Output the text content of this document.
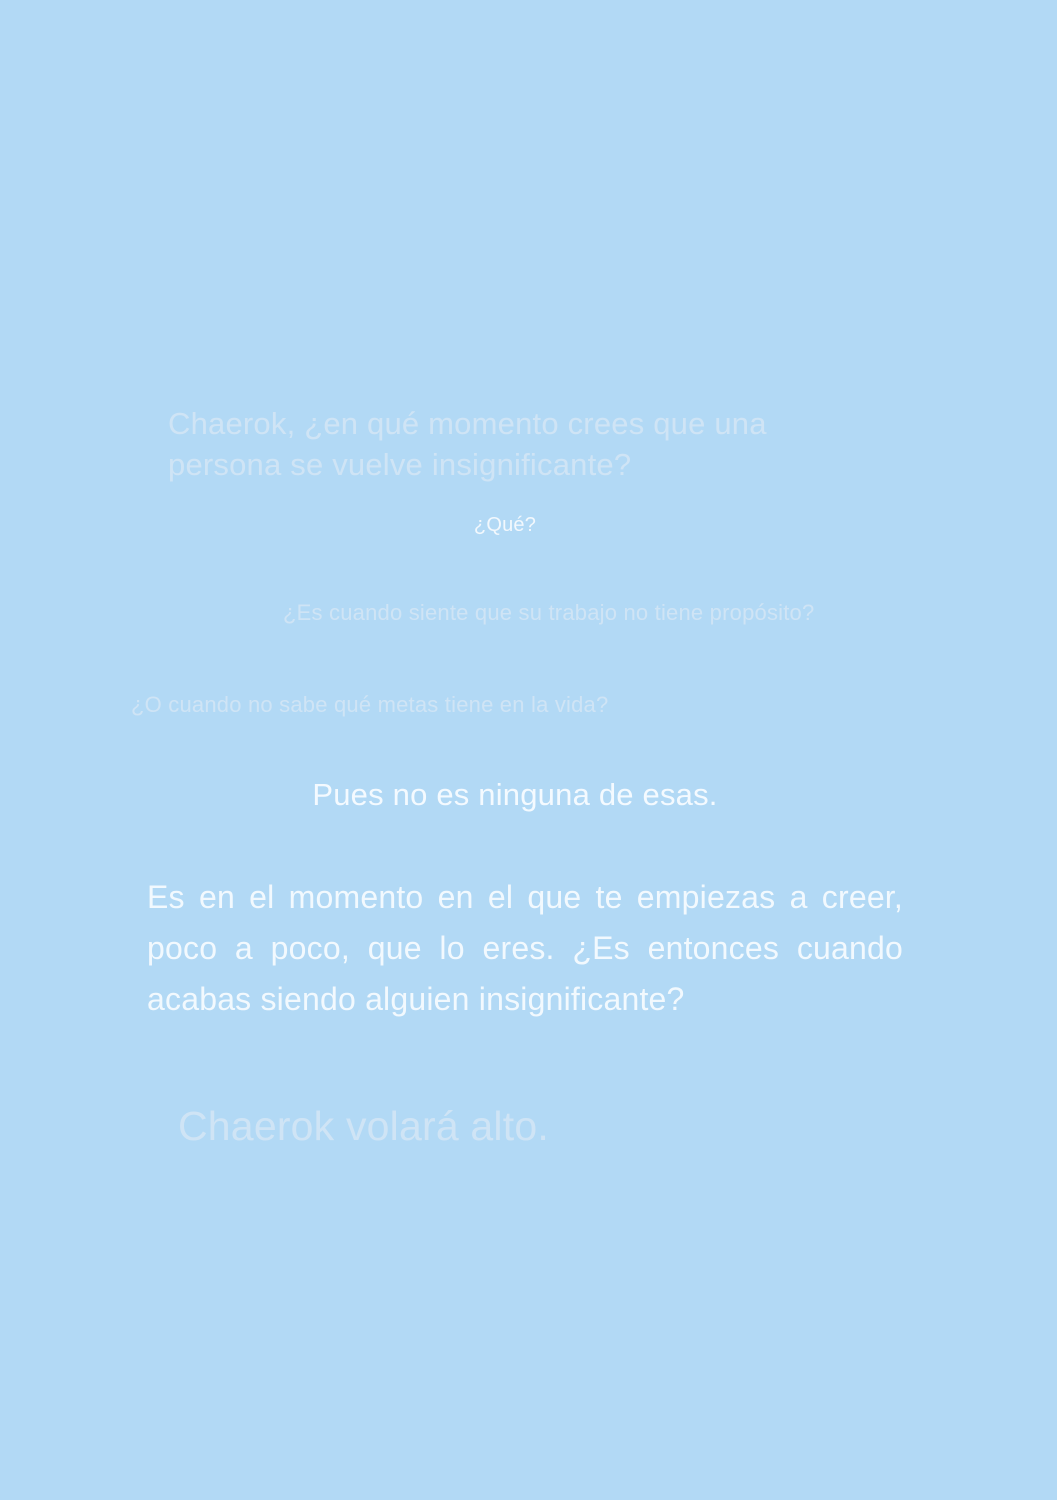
Chaerok, ¿en qué momento crees que una persona se vuelve insignificante?
¿Qué?
¿Es cuando siente que su trabajo no tiene propósito?
¿O cuando no sabe qué metas tiene en la vida?
Pues no es ninguna de esas.
Es en el momento en el que te empiezas a creer, poco a poco, que lo eres. ¿Es entonces cuando acabas siendo alguien insignificante?
Chaerok volará alto.
